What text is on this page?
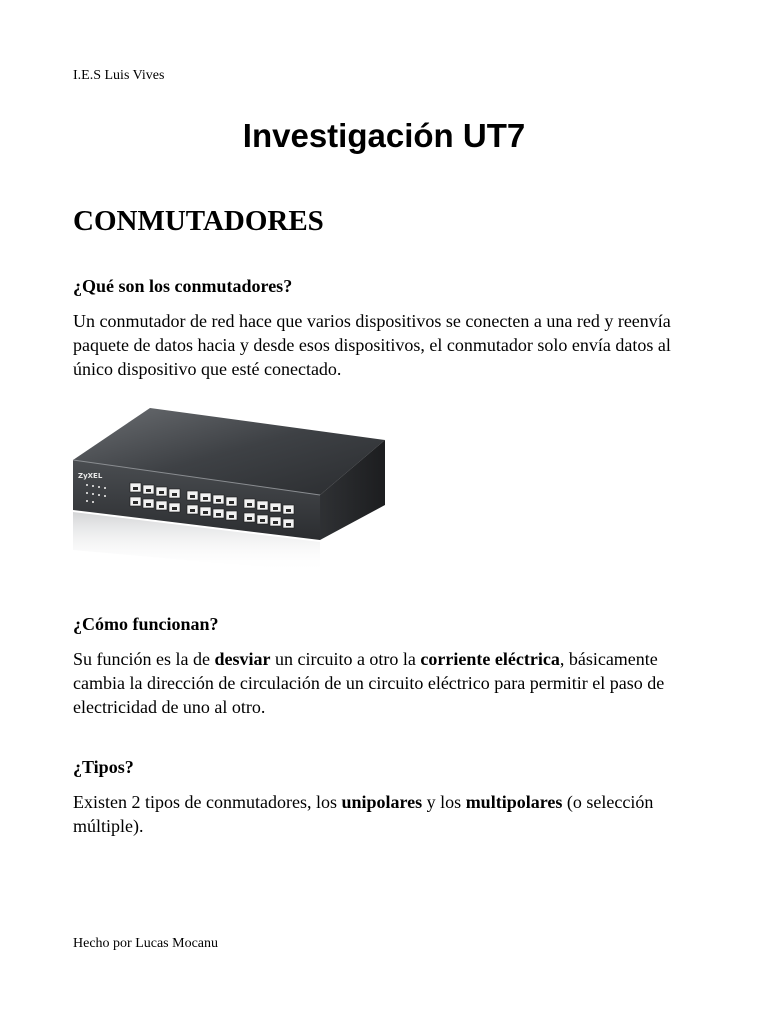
I.E.S Luis Vives
Investigación UT7
CONMUTADORES
¿Qué son los conmutadores?

Un conmutador de red hace que varios dispositivos se conecten a una red y reenvía paquete de datos hacia y desde esos dispositivos, el conmutador solo envía datos al único dispositivo que esté conectado.

ZyXEL
¿Cómo funcionan?

Su función es la de desviar un circuito a otro la corriente eléctrica, básicamente cambia la dirección de circulación de un circuito eléctrico para permitir el paso de electricidad de uno al otro.

¿Tipos?

Existen 2 tipos de conmutadores, los unipolares y los multipolares (o selección múltiple).

Hecho por Lucas Mocanu
